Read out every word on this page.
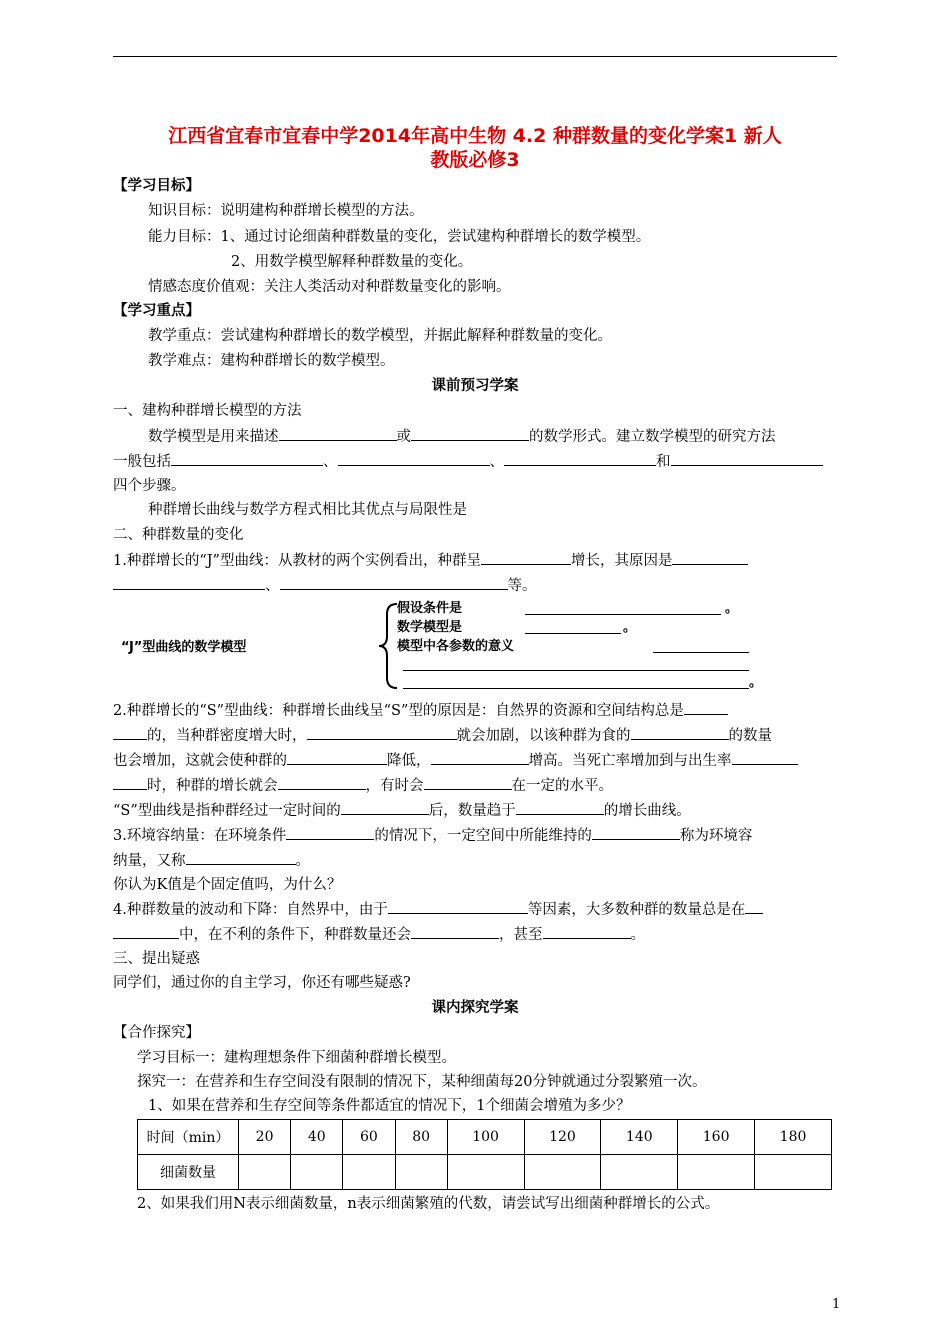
江西省宜春市宜春中学2014年高中生物 4.2 种群数量的变化学案1 新人
教版必修3
【学习目标】
知识目标：说明建构种群增长模型的方法。
能力目标：1、通过讨论细菌种群数量的变化，尝试建构种群增长的数学模型。
2、用数学模型解释种群数量的变化。
情感态度价值观：关注人类活动对种群数量变化的影响。
【学习重点】
教学重点：尝试建构种群增长的数学模型，并据此解释种群数量的变化。
教学难点：建构种群增长的数学模型。
课前预习学案
一、建构种群增长模型的方法
数学模型是用来描述	或	的数学形式。建立数学模型的研究方法
一般包括	、	、	和
四个步骤。
种群增长曲线与数学方程式相比其优点与局限性是
二、种群数量的变化
1.种群增长的“J”型曲线：从教材的两个实例看出，种群呈	增长，其原因是
、	等。
“J”型曲线的数学模型
假设条件是	。
数学模型是	。
模型中各参数的意义
。
2.种群增长的“S”型曲线：种群增长曲线呈“S”型的原因是：自然界的资源和空间结构总是
的，当种群密度增大时，	就会加剧，以该种群为食的	的数量
也会增加，这就会使种群的	降低，	增高。当死亡率增加到与出生率
时，种群的增长就会	，有时会	在一定的水平。
“S”型曲线是指种群经过一定时间的	后，数量趋于	的增长曲线。
3.环境容纳量：在环境条件	的情况下，一定空间中所能维持的	称为环境容
纳量，又称	。
你认为K值是个固定值吗，为什么？
4.种群数量的波动和下降：自然界中，由于	等因素，大多数种群的数量总是在
中，在不利的条件下，种群数量还会	，甚至	。
三、提出疑惑
同学们，通过你的自主学习，你还有哪些疑惑?
课内探究学案
【合作探究】
学习目标一：建构理想条件下细菌种群增长模型。
探究一：在营养和生存空间没有限制的情况下，某种细菌每20分钟就通过分裂繁殖一次。
1、如果在营养和生存空间等条件都适宜的情况下，1个细菌会增殖为多少？
时间（min）	20	40	60	80	100	120	140	160	180
细菌数量									
2、如果我们用N表示细菌数量，n表示细菌繁殖的代数，请尝试写出细菌种群增长的公式。
1
